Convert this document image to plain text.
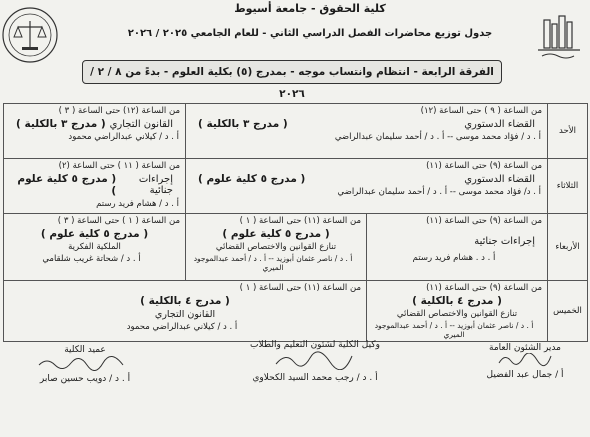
كلية الحقوق - جامعة أسيوط
جدول توزيع محاضرات الفصل الدراسي الثاني - للعام الجامعي ٢٠٢٥ / ٢٠٢٦
الفرقة الرابعة - انتظام وانتساب موجه - بمدرج (٥) بكلية العلوم - بدءً من ٨ / ٢ / ٢٠٢٦
الأحد	من الساعة ( ٩ ) حتى الساعة (١٢)
القضاء الدستوري
( مدرج ٣ بالكلية )
أ . د / فؤاد محمد موسى -- أ . د / أحمد سليمان عبدالراضي		من الساعة (١٢) حتى الساعة ( ٣ )
القانون التجاري
( مدرج ٣ بالكلية )
أ . د / كيلاني عبدالراضي محمود

الثلاثاء	من الساعة (٩) حتى الساعة (١١)
القضاء الدستوري
( مدرج ٥ كلية علوم )
أ . د/ فؤاد محمد موسى -- أ . د / أحمد سليمان عبدالراضي		من الساعة ( ١١ ) حتى الساعة (٢)
إجراءات جنائية
( مدرج ٥ كلية علوم )
أ . د / هشام فريد رستم

الأربعاء	من الساعة (٩) حتى الساعة (١١)
إجراءات جنائية
أ . د . هشام فريد رستم	من الساعة (١١) حتى الساعة ( ١ )
( مدرج ٥ كلية علوم )
تنازع القوانين والاختصاص القضائي
أ . د / ناصر عثمان أبوزيد -- أ . د / أحمد عبدالموجود الميري	من الساعة ( ١ ) حتى الساعة ( ٣ )
( مدرج ٥ كلية علوم )
الملكية الفكرية
أ . د / شحاتة غريب شلقامي

الخميس	من الساعة (٩) حتى الساعة (١١)
( مدرج ٤ بالكلية )
تنازع القوانين والاختصاص القضائي
أ . د / ناصر عثمان أبوزيد -- أ . د / أحمد عبدالموجود الميري	من الساعة (١١) حتى الساعة ( ١ )
( مدرج ٤ بالكلية )
القانون التجاري
أ . د / كيلاني عبدالراضي محمود	
مدير الشئون العامة
أ / جمال عبد الفضيل
وكيل الكلية لشئون التعليم والطلاب
أ . د / رجب محمد السيد الكحلاوي
عميد الكلية
أ . د / دويب حسين صابر
